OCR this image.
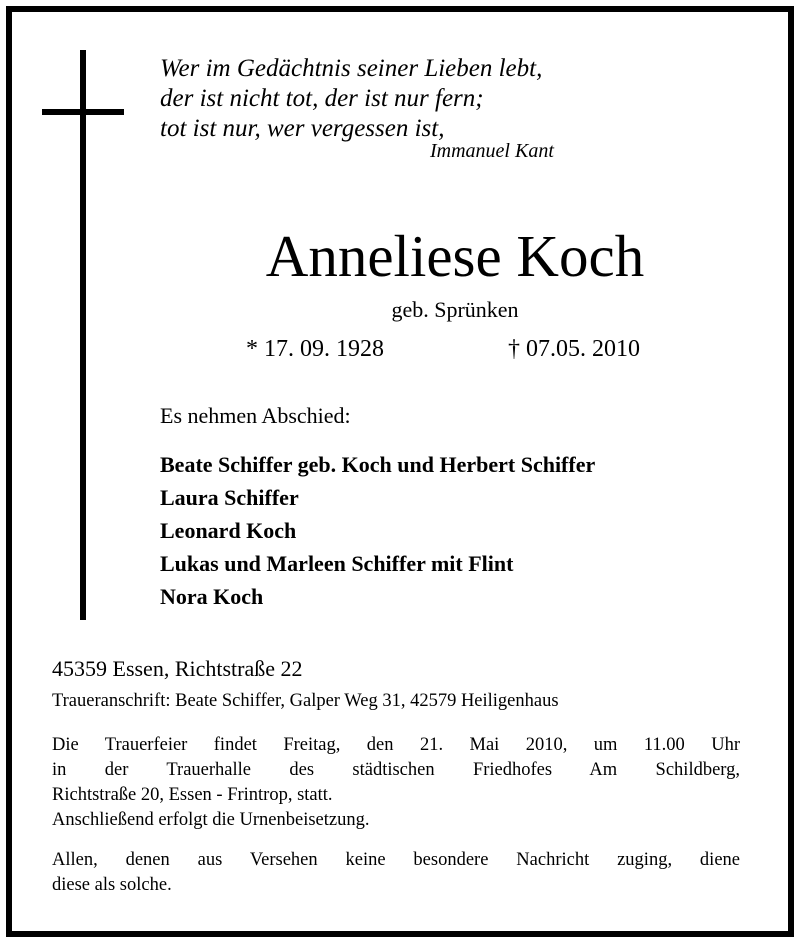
Wer im Gedächtnis seiner Lieben lebt,
der ist nicht tot, der ist nur fern;
tot ist nur, wer vergessen ist,
Immanuel Kant
Anneliese Koch
geb. Sprünken
* 17. 09. 1928	† 07.05. 2010
Es nehmen Abschied:
Beate Schiffer geb. Koch und Herbert Schiffer
Laura Schiffer
Leonard Koch
Lukas und Marleen Schiffer mit Flint
Nora Koch
45359 Essen, Richtstraße 22
Traueranschrift: Beate Schiffer, Galper Weg 31, 42579 Heiligenhaus
Die Trauerfeier findet Freitag, den 21. Mai 2010, um 11.00 Uhr
in der Trauerhalle des städtischen Friedhofes Am Schildberg,
Richtstraße 20, Essen - Frintrop, statt.
Anschließend erfolgt die Urnenbeisetzung.
Allen, denen aus Versehen keine besondere Nachricht zuging, diene
diese als solche.
